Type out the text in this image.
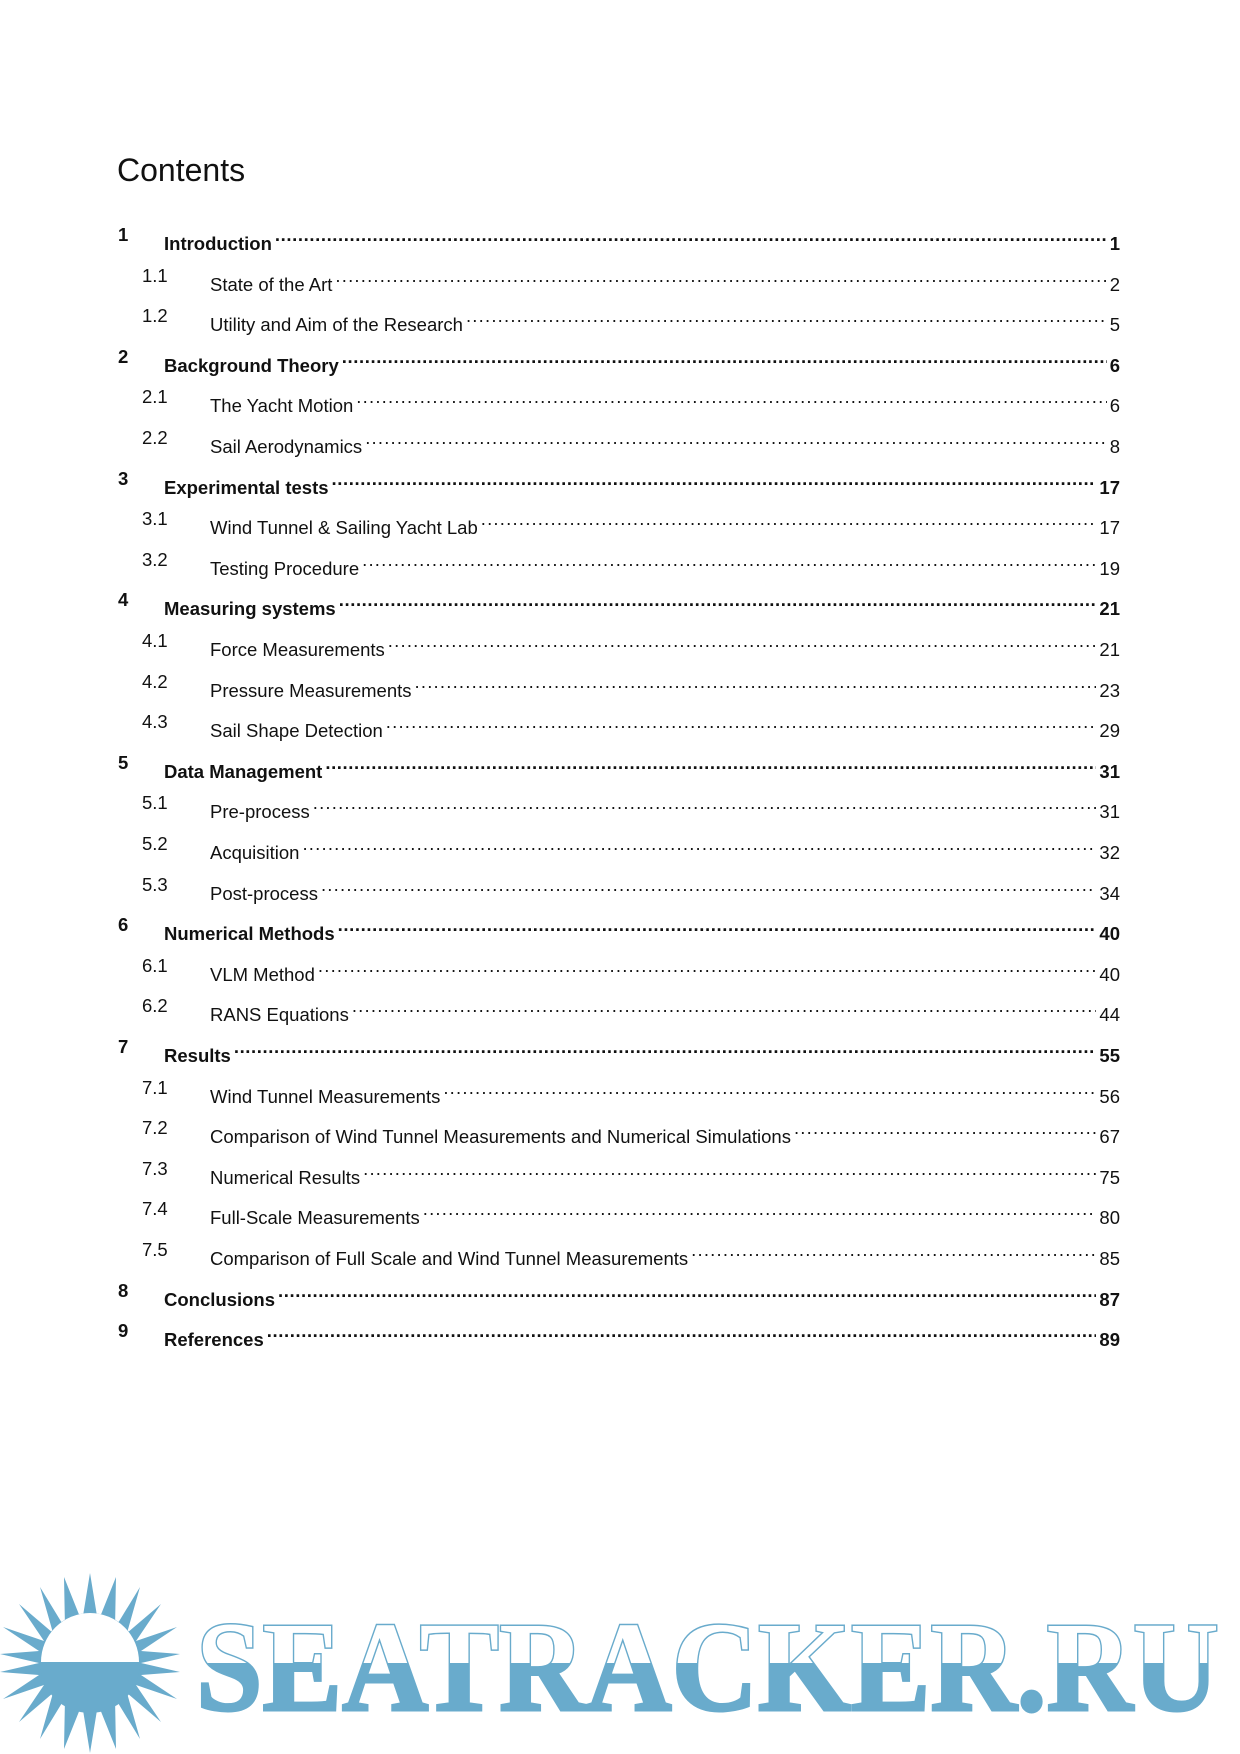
Contents
1 Introduction .....	1
1.1 State of the Art .....	2
1.2 Utility and Aim of the Research .....	5
2 Background Theory .....	6
2.1 The Yacht Motion .....	6
2.2 Sail Aerodynamics .....	8
3 Experimental tests .....	17
3.1 Wind Tunnel & Sailing Yacht Lab .....	17
3.2 Testing Procedure .....	19
4 Measuring systems .....	21
4.1 Force Measurements .....	21
4.2 Pressure Measurements .....	23
4.3 Sail Shape Detection .....	29
5 Data Management .....	31
5.1 Pre-process .....	31
5.2 Acquisition .....	32
5.3 Post-process .....	34
6 Numerical Methods .....	40
6.1 VLM Method .....	40
6.2 RANS Equations .....	44
7 Results .....	55
7.1 Wind Tunnel Measurements .....	56
7.2 Comparison of Wind Tunnel Measurements and Numerical Simulations .....	67
7.3 Numerical Results .....	75
7.4 Full-Scale Measurements .....	80
7.5 Comparison of Full Scale and Wind Tunnel Measurements .....	85
8 Conclusions .....	87
9 References .....	89
SEATRACKER.RU
